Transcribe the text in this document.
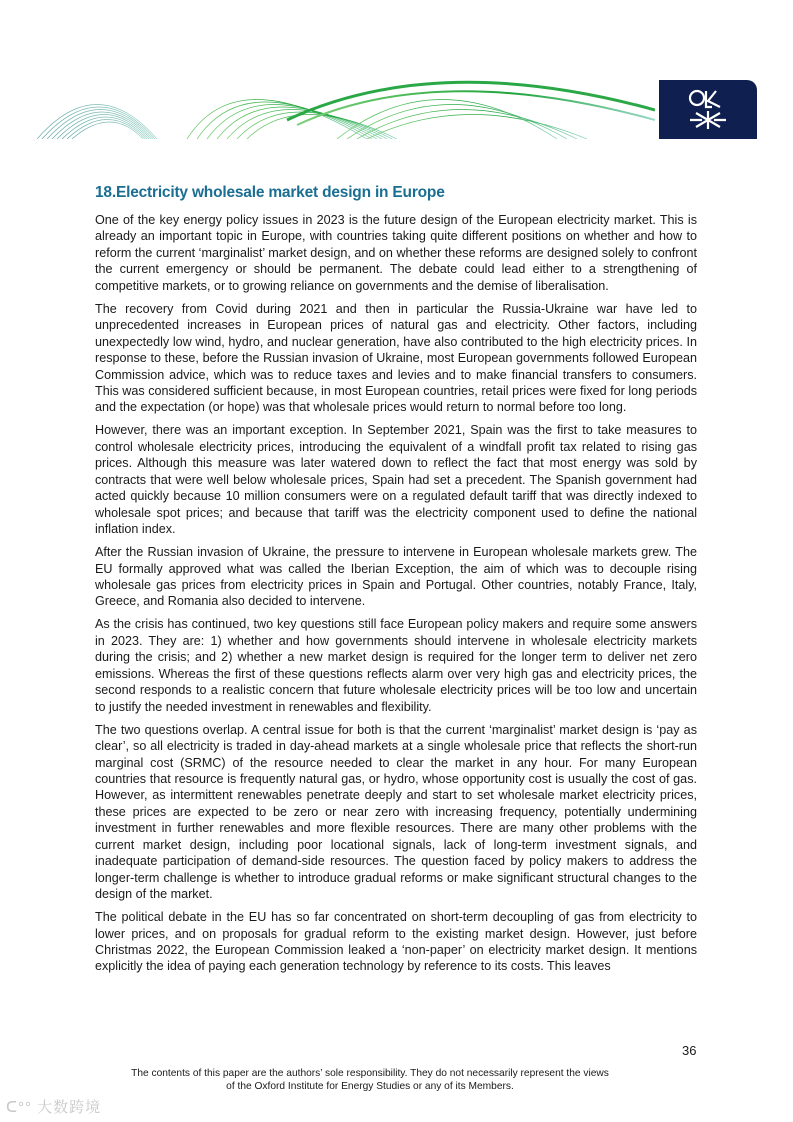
18.Electricity wholesale market design in Europe

One of the key energy policy issues in 2023 is the future design of the European electricity market. This is already an important topic in Europe, with countries taking quite different positions on whether and how to reform the current ‘marginalist’ market design, and on whether these reforms are designed solely to confront the current emergency or should be permanent. The debate could lead either to a strengthening of competitive markets, or to growing reliance on governments and the demise of liberalisation.

The recovery from Covid during 2021 and then in particular the Russia-Ukraine war have led to unprecedented increases in European prices of natural gas and electricity. Other factors, including unexpectedly low wind, hydro, and nuclear generation, have also contributed to the high electricity prices. In response to these, before the Russian invasion of Ukraine, most European governments followed European Commission advice, which was to reduce taxes and levies and to make financial transfers to consumers. This was considered sufficient because, in most European countries, retail prices were fixed for long periods and the expectation (or hope) was that wholesale prices would return to normal before too long.

However, there was an important exception. In September 2021, Spain was the first to take measures to control wholesale electricity prices, introducing the equivalent of a windfall profit tax related to rising gas prices. Although this measure was later watered down to reflect the fact that most energy was sold by contracts that were well below wholesale prices, Spain had set a precedent. The Spanish government had acted quickly because 10 million consumers were on a regulated default tariff that was directly indexed to wholesale spot prices; and because that tariff was the electricity component used to define the national inflation index.

After the Russian invasion of Ukraine, the pressure to intervene in European wholesale markets grew. The EU formally approved what was called the Iberian Exception, the aim of which was to decouple rising wholesale gas prices from electricity prices in Spain and Portugal. Other countries, notably France, Italy, Greece, and Romania also decided to intervene.

As the crisis has continued, two key questions still face European policy makers and require some answers in 2023. They are: 1) whether and how governments should intervene in wholesale electricity markets during the crisis; and 2) whether a new market design is required for the longer term to deliver net zero emissions. Whereas the first of these questions reflects alarm over very high gas and electricity prices, the second responds to a realistic concern that future wholesale electricity prices will be too low and uncertain to justify the needed investment in renewables and flexibility.

The two questions overlap. A central issue for both is that the current ‘marginalist’ market design is ‘pay as clear’, so all electricity is traded in day-ahead markets at a single wholesale price that reflects the short-run marginal cost (SRMC) of the resource needed to clear the market in any hour. For many European countries that resource is frequently natural gas, or hydro, whose opportunity cost is usually the cost of gas. However, as intermittent renewables penetrate deeply and start to set wholesale market electricity prices, these prices are expected to be zero or near zero with increasing frequency, potentially undermining investment in further renewables and more flexible resources. There are many other problems with the current market design, including poor locational signals, lack of long-term investment signals, and inadequate participation of demand-side resources. The question faced by policy makers to address the longer-term challenge is whether to introduce gradual reforms or make significant structural changes to the design of the market.

The political debate in the EU has so far concentrated on short-term decoupling of gas from electricity to lower prices, and on proposals for gradual reform to the existing market design. However, just before Christmas 2022, the European Commission leaked a ‘non-paper’ on electricity market design. It mentions explicitly the idea of paying each generation technology by reference to its costs. This leaves

36
The contents of this paper are the authors’ sole responsibility. They do not necessarily represent the views
of the Oxford Institute for Energy Studies or any of its Members.
ᑕ°° 大数跨境
